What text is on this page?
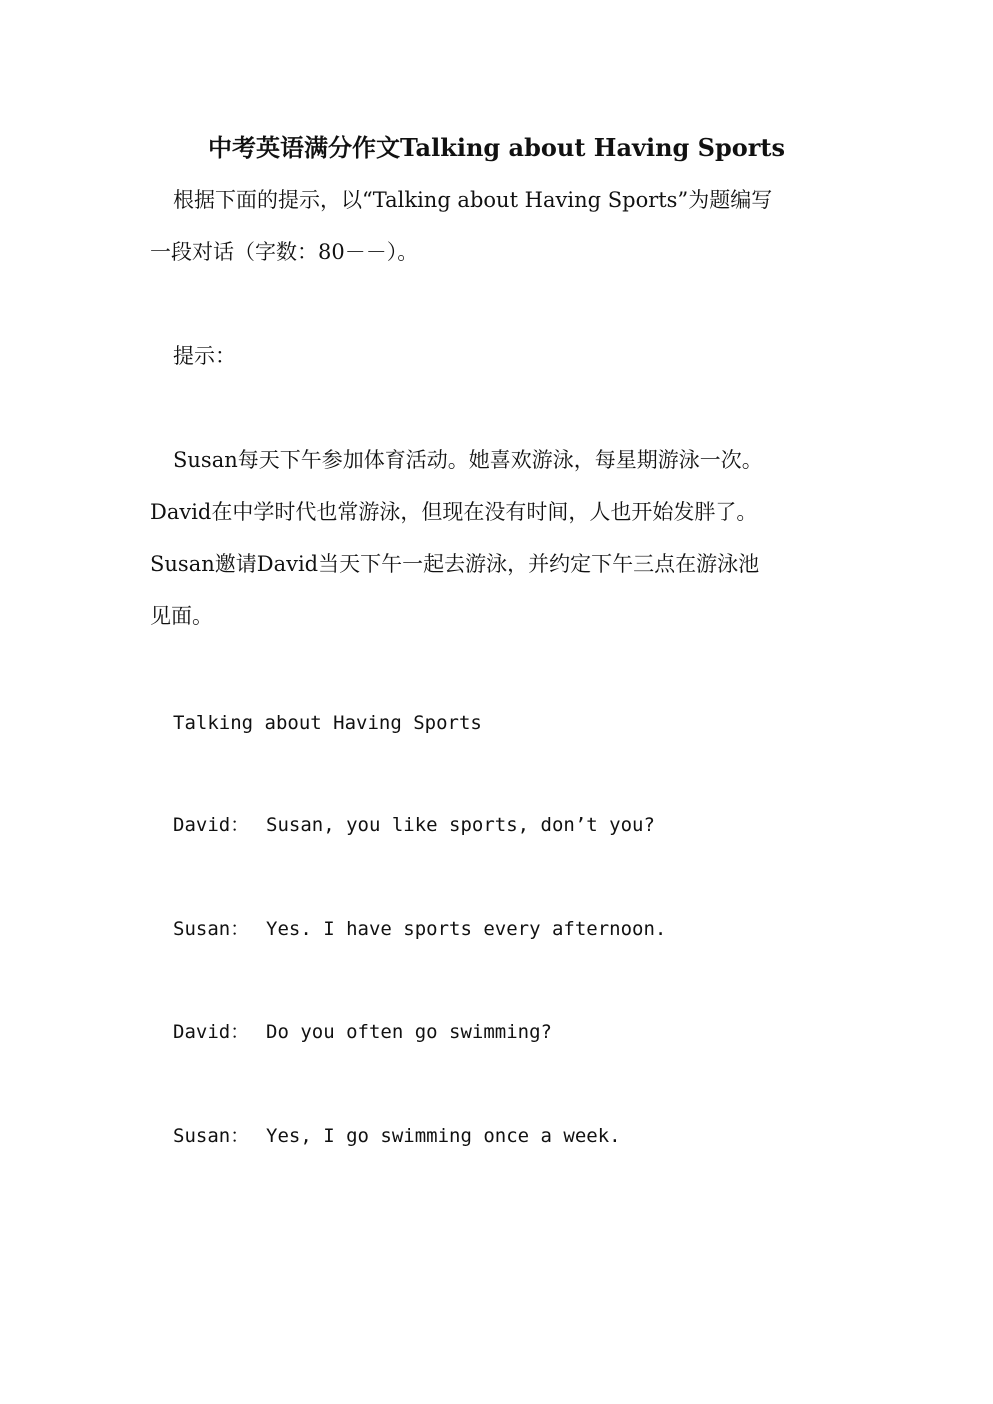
中考英语满分作文Talking about Having Sports
根据下面的提示，以“Talking about Having Sports”为题编写
一段对话（字数：80－－）。
提示：
Susan每天下午参加体育活动。她喜欢游泳，每星期游泳一次。
David在中学时代也常游泳，但现在没有时间，人也开始发胖了。
Susan邀请David当天下午一起去游泳，并约定下午三点在游泳池
见面。
Talking about Having Sports
David： Susan, you like sports, don’t you?
Susan： Yes. I have sports every afternoon.
David： Do you often go swimming?
Susan： Yes, I go swimming once a week.
